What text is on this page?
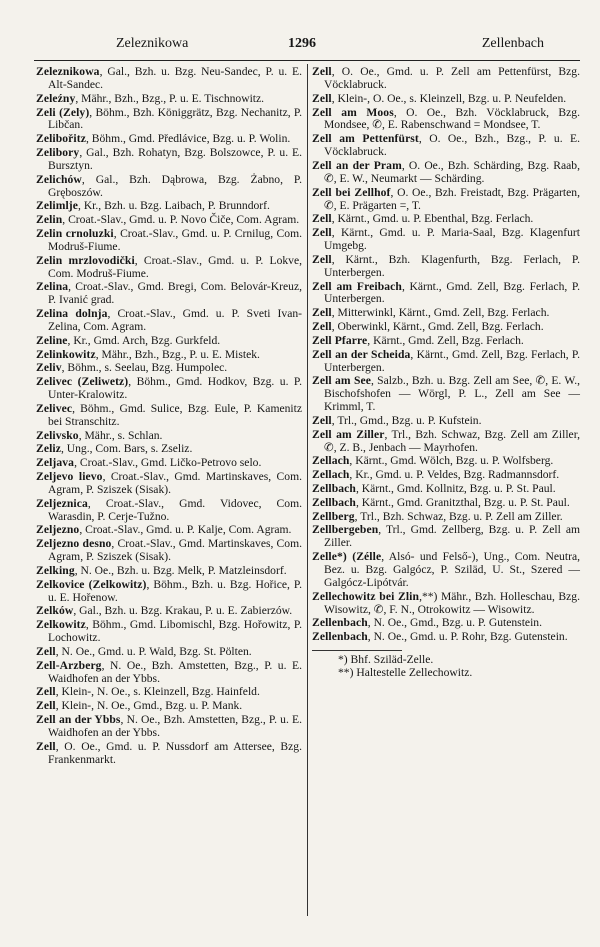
Zeleznikowa	1296	Zellenbach

Zeleznikowa, Gal., Bzh. u. Bzg. Neu-Sandec, P. u. E. Alt-Sandec.

Zeleźny, Mähr., Bzh., Bzg., P. u. E. Tischnowitz.

Zeli (Zely), Böhm., Bzh. Königgrätz, Bzg. Nechanitz, P. Libčan.

Zelibořitz, Böhm., Gmd. Předlávice, Bzg. u. P. Wolin.

Zelibory, Gal., Bzh. Rohatyn, Bzg. Bolszowce, P. u. E. Bursztyn.

Zelichów, Gal., Bzh. Dąbrowa, Bzg. Żabno, P. Gręboszów.

Zelimlje, Kr., Bzh. u. Bzg. Laibach, P. Brunndorf.

Zelin, Croat.-Slav., Gmd. u. P. Novo Čiče, Com. Agram.

Zelin crnoluzki, Croat.-Slav., Gmd. u. P. Crnilug, Com. Modruš-Fiume.

Zelin mrzlovodički, Croat.-Slav., Gmd. u. P. Lokve, Com. Modruš-Fiume.

Zelina, Croat.-Slav., Gmd. Bregi, Com. Belovár-Kreuz, P. Ivanić grad.

Zelina dolnja, Croat.-Slav., Gmd. u. P. Sveti Ivan-Zelina, Com. Agram.

Zeline, Kr., Gmd. Arch, Bzg. Gurkfeld.

Zelinkowitz, Mähr., Bzh., Bzg., P. u. E. Mistek.

Zeliv, Böhm., s. Seelau, Bzg. Humpolec.

Zelivec (Zeliwetz), Böhm., Gmd. Hodkov, Bzg. u. P. Unter-Kralowitz.

Zelivec, Böhm., Gmd. Sulice, Bzg. Eule, P. Kamenitz bei Stranschitz.

Zelivsko, Mähr., s. Schlan.

Zeliz, Ung., Com. Bars, s. Zseliz.

Zeljava, Croat.-Slav., Gmd. Ličko-Petrovo selo.

Zeljevo lievo, Croat.-Slav., Gmd. Martinskaves, Com. Agram, P. Sziszek (Sisak).

Zeljeznica, Croat.-Slav., Gmd. Vidovec, Com. Warasdin, P. Cerje-Tužno.

Zeljezno, Croat.-Slav., Gmd. u. P. Kalje, Com. Agram.

Zeljezno desno, Croat.-Slav., Gmd. Martinskaves, Com. Agram, P. Sziszek (Sisak).

Zelking, N. Oe., Bzh. u. Bzg. Melk, P. Matzleinsdorf.

Zelkovice (Zelkowitz), Böhm., Bzh. u. Bzg. Hořice, P. u. E. Hořenow.

Zelków, Gal., Bzh. u. Bzg. Krakau, P. u. E. Zabierzów.

Zelkowitz, Böhm., Gmd. Libomischl, Bzg. Hořowitz, P. Lochowitz.

Zell, N. Oe., Gmd. u. P. Wald, Bzg. St. Pölten.

Zell-Arzberg, N. Oe., Bzh. Amstetten, Bzg., P. u. E. Waidhofen an der Ybbs.

Zell, Klein-, N. Oe., s. Kleinzell, Bzg. Hainfeld.

Zell, Klein-, N. Oe., Gmd., Bzg. u. P. Mank.

Zell an der Ybbs, N. Oe., Bzh. Amstetten, Bzg., P. u. E. Waidhofen an der Ybbs.

Zell, O. Oe., Gmd. u. P. Nussdorf am Attersee, Bzg. Frankenmarkt.

Zell, O. Oe., Gmd. u. P. Zell am Pettenfürst, Bzg. Vöcklabruck.

Zell, Klein-, O. Oe., s. Kleinzell, Bzg. u. P. Neufelden.

Zell am Moos, O. Oe., Bzh. Vöcklabruck, Bzg. Mondsee, ✆, E. Rabenschwand = Mondsee, T.

Zell am Pettenfürst, O. Oe., Bzh., Bzg., P. u. E. Vöcklabruck.

Zell an der Pram, O. Oe., Bzh. Schärding, Bzg. Raab, ✆, E. W., Neumarkt — Schärding.

Zell bei Zellhof, O. Oe., Bzh. Freistadt, Bzg. Prägarten, ✆, E. Prägarten =, T.

Zell, Kärnt., Gmd. u. P. Ebenthal, Bzg. Ferlach.

Zell, Kärnt., Gmd. u. P. Maria-Saal, Bzg. Klagenfurt Umgebg.

Zell, Kärnt., Bzh. Klagenfurth, Bzg. Ferlach, P. Unterbergen.

Zell am Freibach, Kärnt., Gmd. Zell, Bzg. Ferlach, P. Unterbergen.

Zell, Mitterwinkl, Kärnt., Gmd. Zell, Bzg. Ferlach.

Zell, Oberwinkl, Kärnt., Gmd. Zell, Bzg. Ferlach.

Zell Pfarre, Kärnt., Gmd. Zell, Bzg. Ferlach.

Zell an der Scheida, Kärnt., Gmd. Zell, Bzg. Ferlach, P. Unterbergen.

Zell am See, Salzb., Bzh. u. Bzg. Zell am See, ✆, E. W., Bischofshofen — Wörgl, P. L., Zell am See — Krimml, T.

Zell, Trl., Gmd., Bzg. u. P. Kufstein.

Zell am Ziller, Trl., Bzh. Schwaz, Bzg. Zell am Ziller, ✆, Z. B., Jenbach — Mayrhofen.

Zellach, Kärnt., Gmd. Wölch, Bzg. u. P. Wolfsberg.

Zellach, Kr., Gmd. u. P. Veldes, Bzg. Radmannsdorf.

Zellbach, Kärnt., Gmd. Kollnitz, Bzg. u. P. St. Paul.

Zellbach, Kärnt., Gmd. Granitzthal, Bzg. u. P. St. Paul.

Zellberg, Trl., Bzh. Schwaz, Bzg. u. P. Zell am Ziller.

Zellbergeben, Trl., Gmd. Zellberg, Bzg. u. P. Zell am Ziller.

Zelle*) (Zélle, Alsó- und Felső-), Ung., Com. Neutra, Bez. u. Bzg. Galgócz, P. Sziläd, U. St., Szered — Galgócz-Lipótvár.

Zellechowitz bei Zlin,**) Mähr., Bzh. Holleschau, Bzg. Wisowitz, ✆, F. N., Otrokowitz — Wisowitz.

Zellenbach, N. Oe., Gmd., Bzg. u. P. Gutenstein.

Zellenbach, N. Oe., Gmd. u. P. Rohr, Bzg. Gutenstein.

*) Bhf. Sziläd-Zelle.

**) Haltestelle Zellechowitz.
